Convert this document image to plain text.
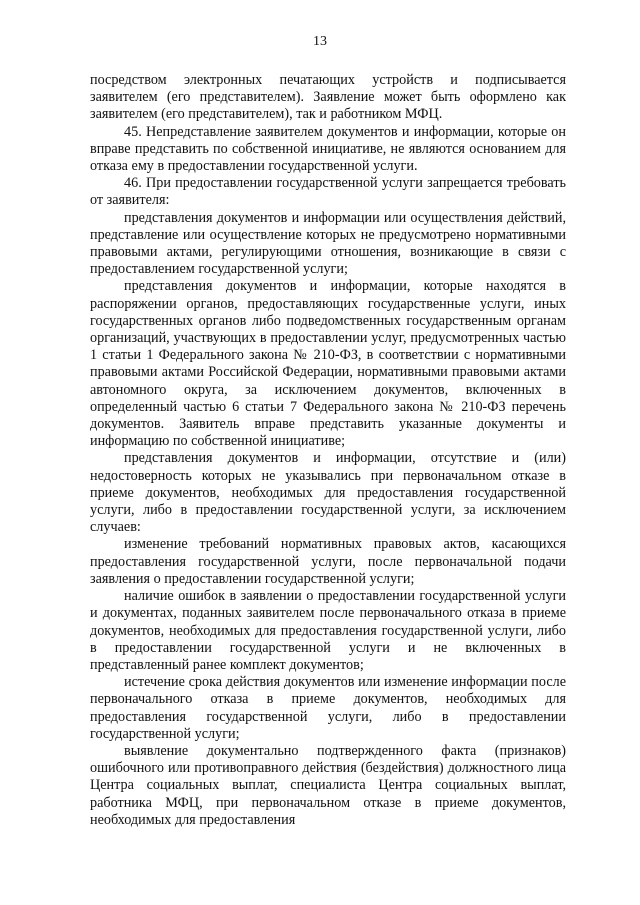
13

посредством электронных печатающих устройств и подписывается заявителем (его представителем). Заявление может быть оформлено как заявителем (его представителем), так и работником МФЦ.

45. Непредставление заявителем документов и информации, которые он вправе представить по собственной инициативе, не являются основанием для отказа ему в предоставлении государственной услуги.

46. При предоставлении государственной услуги запрещается требовать от заявителя:

представления документов и информации или осуществления действий, представление или осуществление которых не предусмотрено нормативными правовыми актами, регулирующими отношения, возникающие в связи с предоставлением государственной услуги;

представления документов и информации, которые находятся в распоряжении органов, предоставляющих государственные услуги, иных государственных органов либо подведомственных государственным органам организаций, участвующих в предоставлении услуг, предусмотренных частью 1 статьи 1 Федерального закона № 210-ФЗ, в соответствии с нормативными правовыми актами Российской Федерации, нормативными правовыми актами автономного округа, за исключением документов, включенных в определенный частью 6 статьи 7 Федерального закона № 210-ФЗ перечень документов. Заявитель вправе представить указанные документы и информацию по собственной инициативе;

представления документов и информации, отсутствие и (или) недостоверность которых не указывались при первоначальном отказе в приеме документов, необходимых для предоставления государственной услуги, либо в предоставлении государственной услуги, за исключением случаев:

изменение требований нормативных правовых актов, касающихся предоставления государственной услуги, после первоначальной подачи заявления о предоставлении государственной услуги;

наличие ошибок в заявлении о предоставлении государственной услуги и документах, поданных заявителем после первоначального отказа в приеме документов, необходимых для предоставления государственной услуги, либо в предоставлении государственной услуги и не включенных в представленный ранее комплект документов;

истечение срока действия документов или изменение информации после первоначального отказа в приеме документов, необходимых для предоставления государственной услуги, либо в предоставлении государственной услуги;

выявление документально подтвержденного факта (признаков) ошибочного или противоправного действия (бездействия) должностного лица Центра социальных выплат, специалиста Центра социальных выплат, работника МФЦ, при первоначальном отказе в приеме документов, необходимых для предоставления
